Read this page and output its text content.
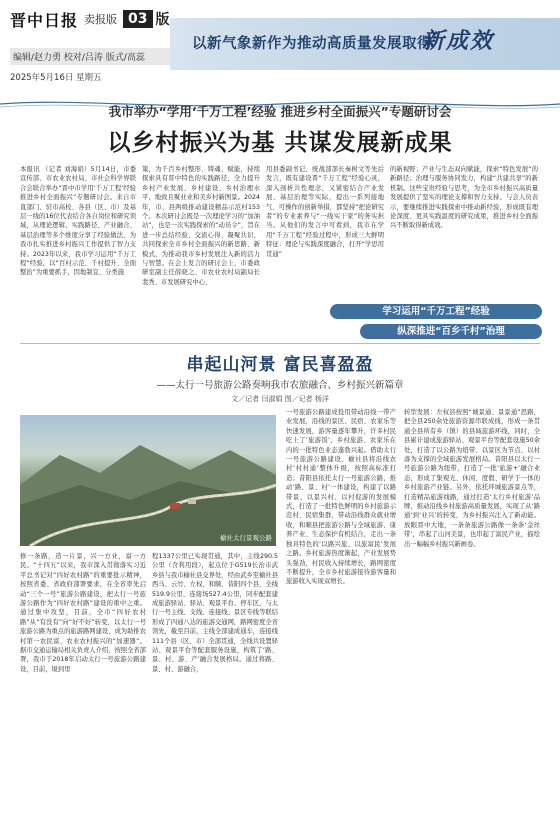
晋中日报 卖报版 03 版
编辑/赵力勇 校对/吕涛 版式/高蕊
2025年5月16日 星期五
以新气象新作为推动高质量发展取得
新成效
我市举办“学用‘千万工程’经验 推进乡村全面振兴”专题研讨会
以乡村振兴为基 共谋发展新成果
本报讯 （记者 刘海娟）5月14日，市委宣传部、市农业农村局、市社会科学界联合会联合举办“晋中市学用‘千万工程’经验 推进乡村全面振兴”专题研讨会。来自市直部门、驻市高校、各县（区、市）及基层一线的16位代表结合各自岗位和研究领域，从理论逻辑、实践路径、产业融合、基层治理等多个维度分享了经验做法，为我市扎实推进乡村振兴工作提供了智力支持。2023年以来，我市学习运用“千万工程”经验，以“百村示范、千村提升、全面整治”为重要抓手，因地制宜、分类施
策，为千百乡村整形、铸魂、赋能，持续探索具有晋中特色的实践路径，全力提升乡村产业发展、乡村建设、乡村治理水平，地致且聚业业和美乡村新图景。2024年，市、县两级推动建设精品示范村153个。本次研讨会既是一次理论学习的“加油站”，也是一次实践探索的“动员令”，旨在进一步总结经验、交流心得、凝聚共识，共同探索全市乡村全面振兴的新思路、新模式，为推动我市乡村发展注入新的活力与智慧。在会上发言的研讨会上，市委政研室副主任薛晓之、市农业农村局副局长裴秀、市发展研究中心、
用县委副书记、统战部部长秦树文等先后发言，既有建设晋“千万工程”经验心灵，深入剖析共性理念，又紧密结合产业发展、基层治理等实际，提出一系列接地气、可操作的创新举措，都坚持“把论研究者”的专业素养与“一线实干家”的务实担当。从他们的发言中可看到，我市在学用“千万工程”经验过程中，形成三大鲜明特征：理论与实践深度融合，打开“学思用贯通”
的新视野；产业与生态双向赋能，探索“特色发展”的新路径；治理与服务协同发力，构建“共建共享”的新机制。这些宝贵经验与思考，为全市乡村振兴高质量发展提供了坚实的理论支撑和智力支持。与会人员表示，要继续推进实践探索中推动新经验，形成既有理论深度、更具实践温度的研究成果，推进乡村全面振兴不断取得新成效。
学习运用“千万工程”经验
纵深推进“百乡千村”治理
串起山河景 富民喜盈盈
——太行一号旅游公路奏响我市农旅融合、乡村振兴新篇章
文／记者 闫淑娟 图／记者 杨洋
榆社太行景观公路
修一条路，造一片景，兴一方业，富一方民。“十四五”以来，我市深入贯彻落实习近平总书记对“四好农村路”的重要批示精神，按照省委、省政府部署要求，在全省率先启动“三个一号”旅游公路建设，把太行一号旅游公路作为“四好农村路”建设的重中之重。通过集中攻坚，目前，全市“四好农村路”从“有没有”向“好不好”转变，以太行一号旅游公路为重点的旅游路网建设，成为助推农村第一农民富、农业农村振兴的“加速器”。据市交通运输局相关负责人介绍，按照全省部署，我市于2018年启动太行一号旅游公路建设，目前，境到里
程1337公里已实现贯通，其中，主线290.5公里（含利用段），起点位于G519长治市武乡县与我市榆社县交界处，经由武乡至榆社县西马、云竹、左权、和顺、昔阳四个县，全线519.9公里，连接场527.4公里，同步配套建成旅游驿站、驿站、观景平台、停车区，与太行一号主线、支线、连接线、景区专线等联结形成了四通八达的旅游交通网，路网密度全省领先，截至目前，主线全部建成通车，连接线111个县（区、市）全部贯通，全线共设置驿站、观景平台等配套服务设施，构筑了‘路、景、村、游、产’融合发展格局。通过将路、景、村、游融合，
一号旅游公路建成投用带动沿线一带产业发展，沿线的景区、民宿、农家乐等快速发展，游客量逐年攀升，许多村民吃上了‘旅游饭’、乡村旅游、农家乐在内的一批特色业态蓬勃兴起。借助太行一号旅游公路建设，榆社县将沿线农村‘村村通’整体升级，按照高标准打造；昔阳县依托太行一号旅游公路，推动‘路、景、村’一体建设，构建了以路带景、以景兴村、以村促游的发展模式，打造了一批特色鲜明的乡村旅游示范村、民宿集群，带动沿线群众就业增收，和顺县把旅游公路与全域旅游、康养产业、生态保护有机结合，走出一条独具特色的‘以路兴旅、以旅富民’发展之路。乡村旅游热度渐起，产业发展势头强劲，村民收入持续增长，路网密度不断提升，全市乡村旅游接待游客量和旅游收入实现双增长。
转型发展：左权县按照“城景通、景景通”思路，把全县250余处旅游资源串联成线，形成一条贯通全县所有乡（镇）的县域旅游环线，同时，全县累计建成旅游驿站、观景平台等配套设施50余处，打造了以公路为纽带、以景区为节点、以村落为支撑的全域旅游发展格局。昔阳县以太行一号旅游公路为纽带，打造了一批‘旅游+’融合业态，形成了集观光、休闲、度假、研学于一体的乡村旅游产业链。另外，依托环城旅游景点等，打造精品旅游线路，通过打造‘太行乡村旅游’品牌，推动沿线乡村旅游高质量发展，实现了从‘路通’到‘业兴’的转变，为乡村振兴注入了新动能。放眼晋中大地，一条条旅游公路像一条条‘金丝带’，串起了山河美景，也串起了富民产业，描绘出一幅幅乡村振兴新画卷。
